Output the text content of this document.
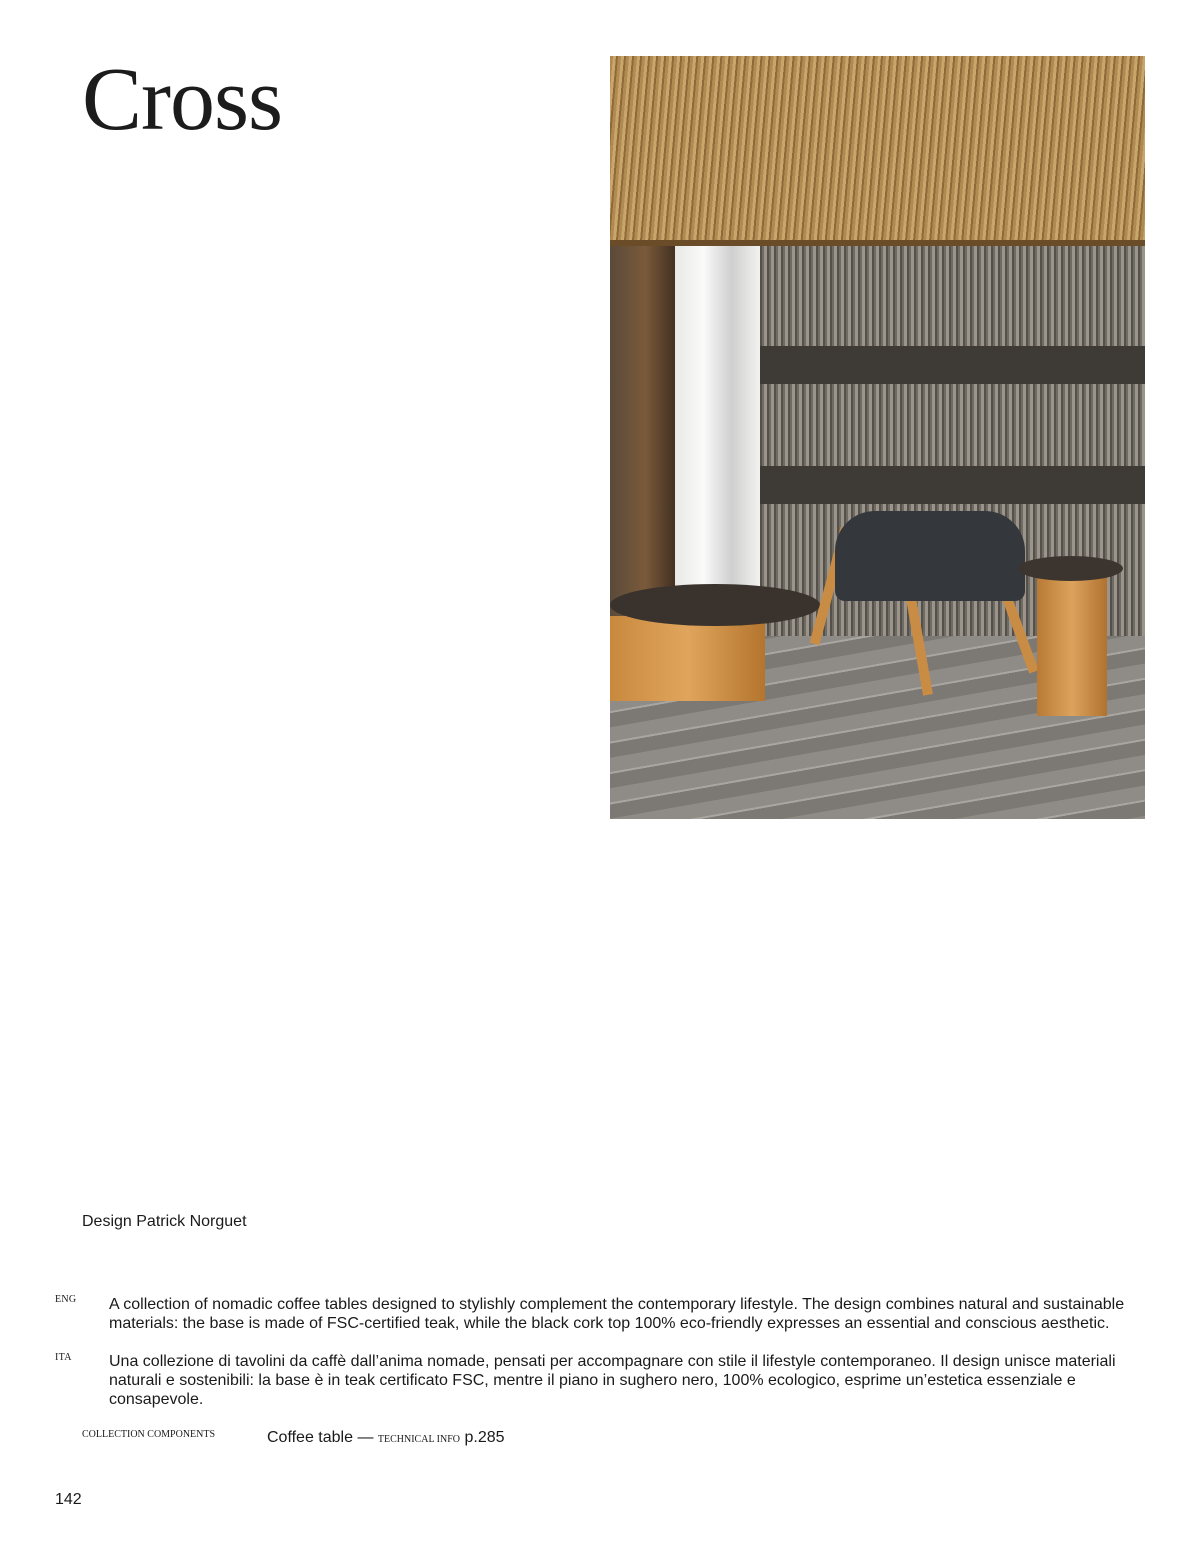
Cross
Design Patrick Norguet
ENG A collection of nomadic coffee tables designed to stylishly complement the contemporary lifestyle. The design combines natural and sustainable materials: the base is made of FSC-certified teak, while the black cork top 100% eco-friendly expresses an essential and conscious aesthetic.

ITA Una collezione di tavolini da caffè dall’anima nomade, pensati per accompagnare con stile il lifestyle contemporaneo. Il design unisce materiali naturali e sostenibili: la base è in teak certificato FSC, mentre il piano in sughero nero, 100% ecologico, esprime un’estetica essenziale e consapevole.

COLLECTION COMPONENTS	Coffee table — TECHNICAL INFO p.285
142
